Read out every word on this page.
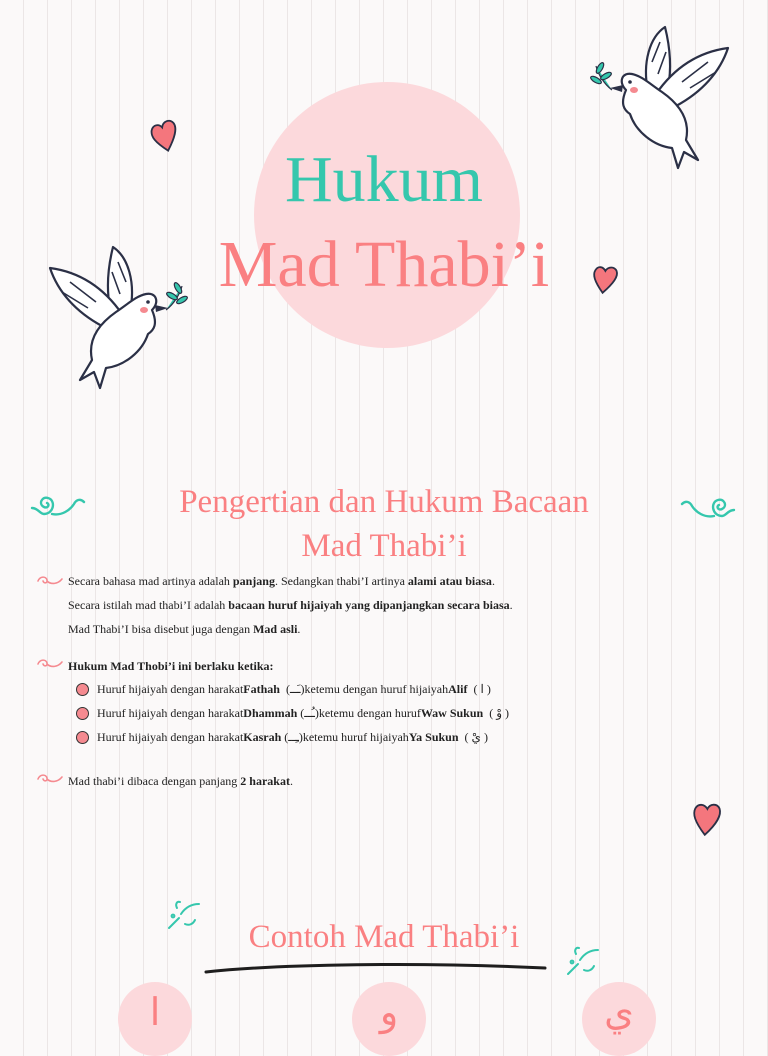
Hukum
Mad Thabi’i
Pengertian dan Hukum Bacaan
Mad Thabi’i
Secara bahasa mad artinya adalah panjang. Sedangkan thabi’I artinya alami atau biasa.
Secara istilah mad thabi’I adalah bacaan huruf hijaiyah yang dipanjangkan secara biasa.
Mad Thabi’I bisa disebut juga dengan Mad asli.
Hukum Mad Thobi’i ini berlaku ketika:
Huruf hijaiyah dengan harakat Fathah
(ـَــ) ketemu dengan huruf hijaiyah Alif
( ا )
Huruf hijaiyah dengan harakat Dhammah
(ـُــ) ketemu dengan huruf Waw Sukun
( وْ )
Huruf hijaiyah dengan harakat Kasrah
(ـِــ) ketemu huruf hijaiyah Ya Sukun
( يْ )
Mad thabi’i dibaca dengan panjang 2 harakat.
Contoh Mad Thabi’i
ا	و	ي
